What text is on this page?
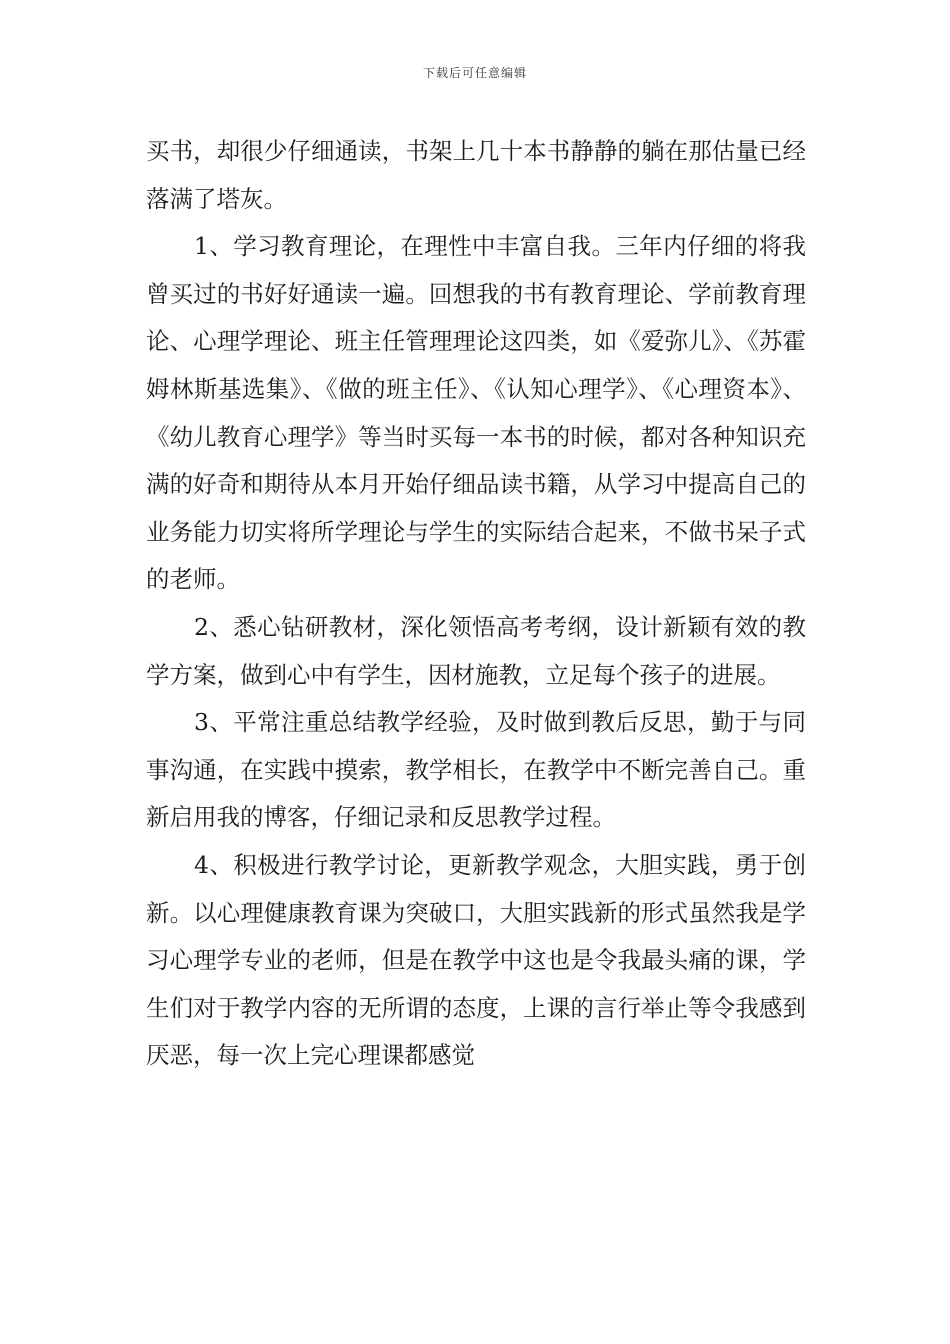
下载后可任意编辑

买书，却很少仔细通读，书架上几十本书静静的躺在那估量已经落满了塔灰。

1、学习教育理论，在理性中丰富自我。三年内仔细的将我曾买过的书好好通读一遍。回想我的书有教育理论、学前教育理论、心理学理论、班主任管理理论这四类，如《爱弥儿》、《苏霍姆林斯基选集》、《做的班主任》、《认知心理学》、《心理资本》、《幼儿教育心理学》等当时买每一本书的时候，都对各种知识充满的好奇和期待从本月开始仔细品读书籍，从学习中提高自己的业务能力切实将所学理论与学生的实际结合起来，不做书呆子式的老师。

2、悉心钻研教材，深化领悟高考考纲，设计新颖有效的教学方案，做到心中有学生，因材施教，立足每个孩子的进展。

3、平常注重总结教学经验，及时做到教后反思，勤于与同事沟通，在实践中摸索，教学相长，在教学中不断完善自己。重新启用我的博客，仔细记录和反思教学过程。

4、积极进行教学讨论，更新教学观念，大胆实践，勇于创新。以心理健康教育课为突破口，大胆实践新的形式虽然我是学习心理学专业的老师，但是在教学中这也是令我最头痛的课，学生们对于教学内容的无所谓的态度，上课的言行举止等令我感到厌恶，每一次上完心理课都感觉
